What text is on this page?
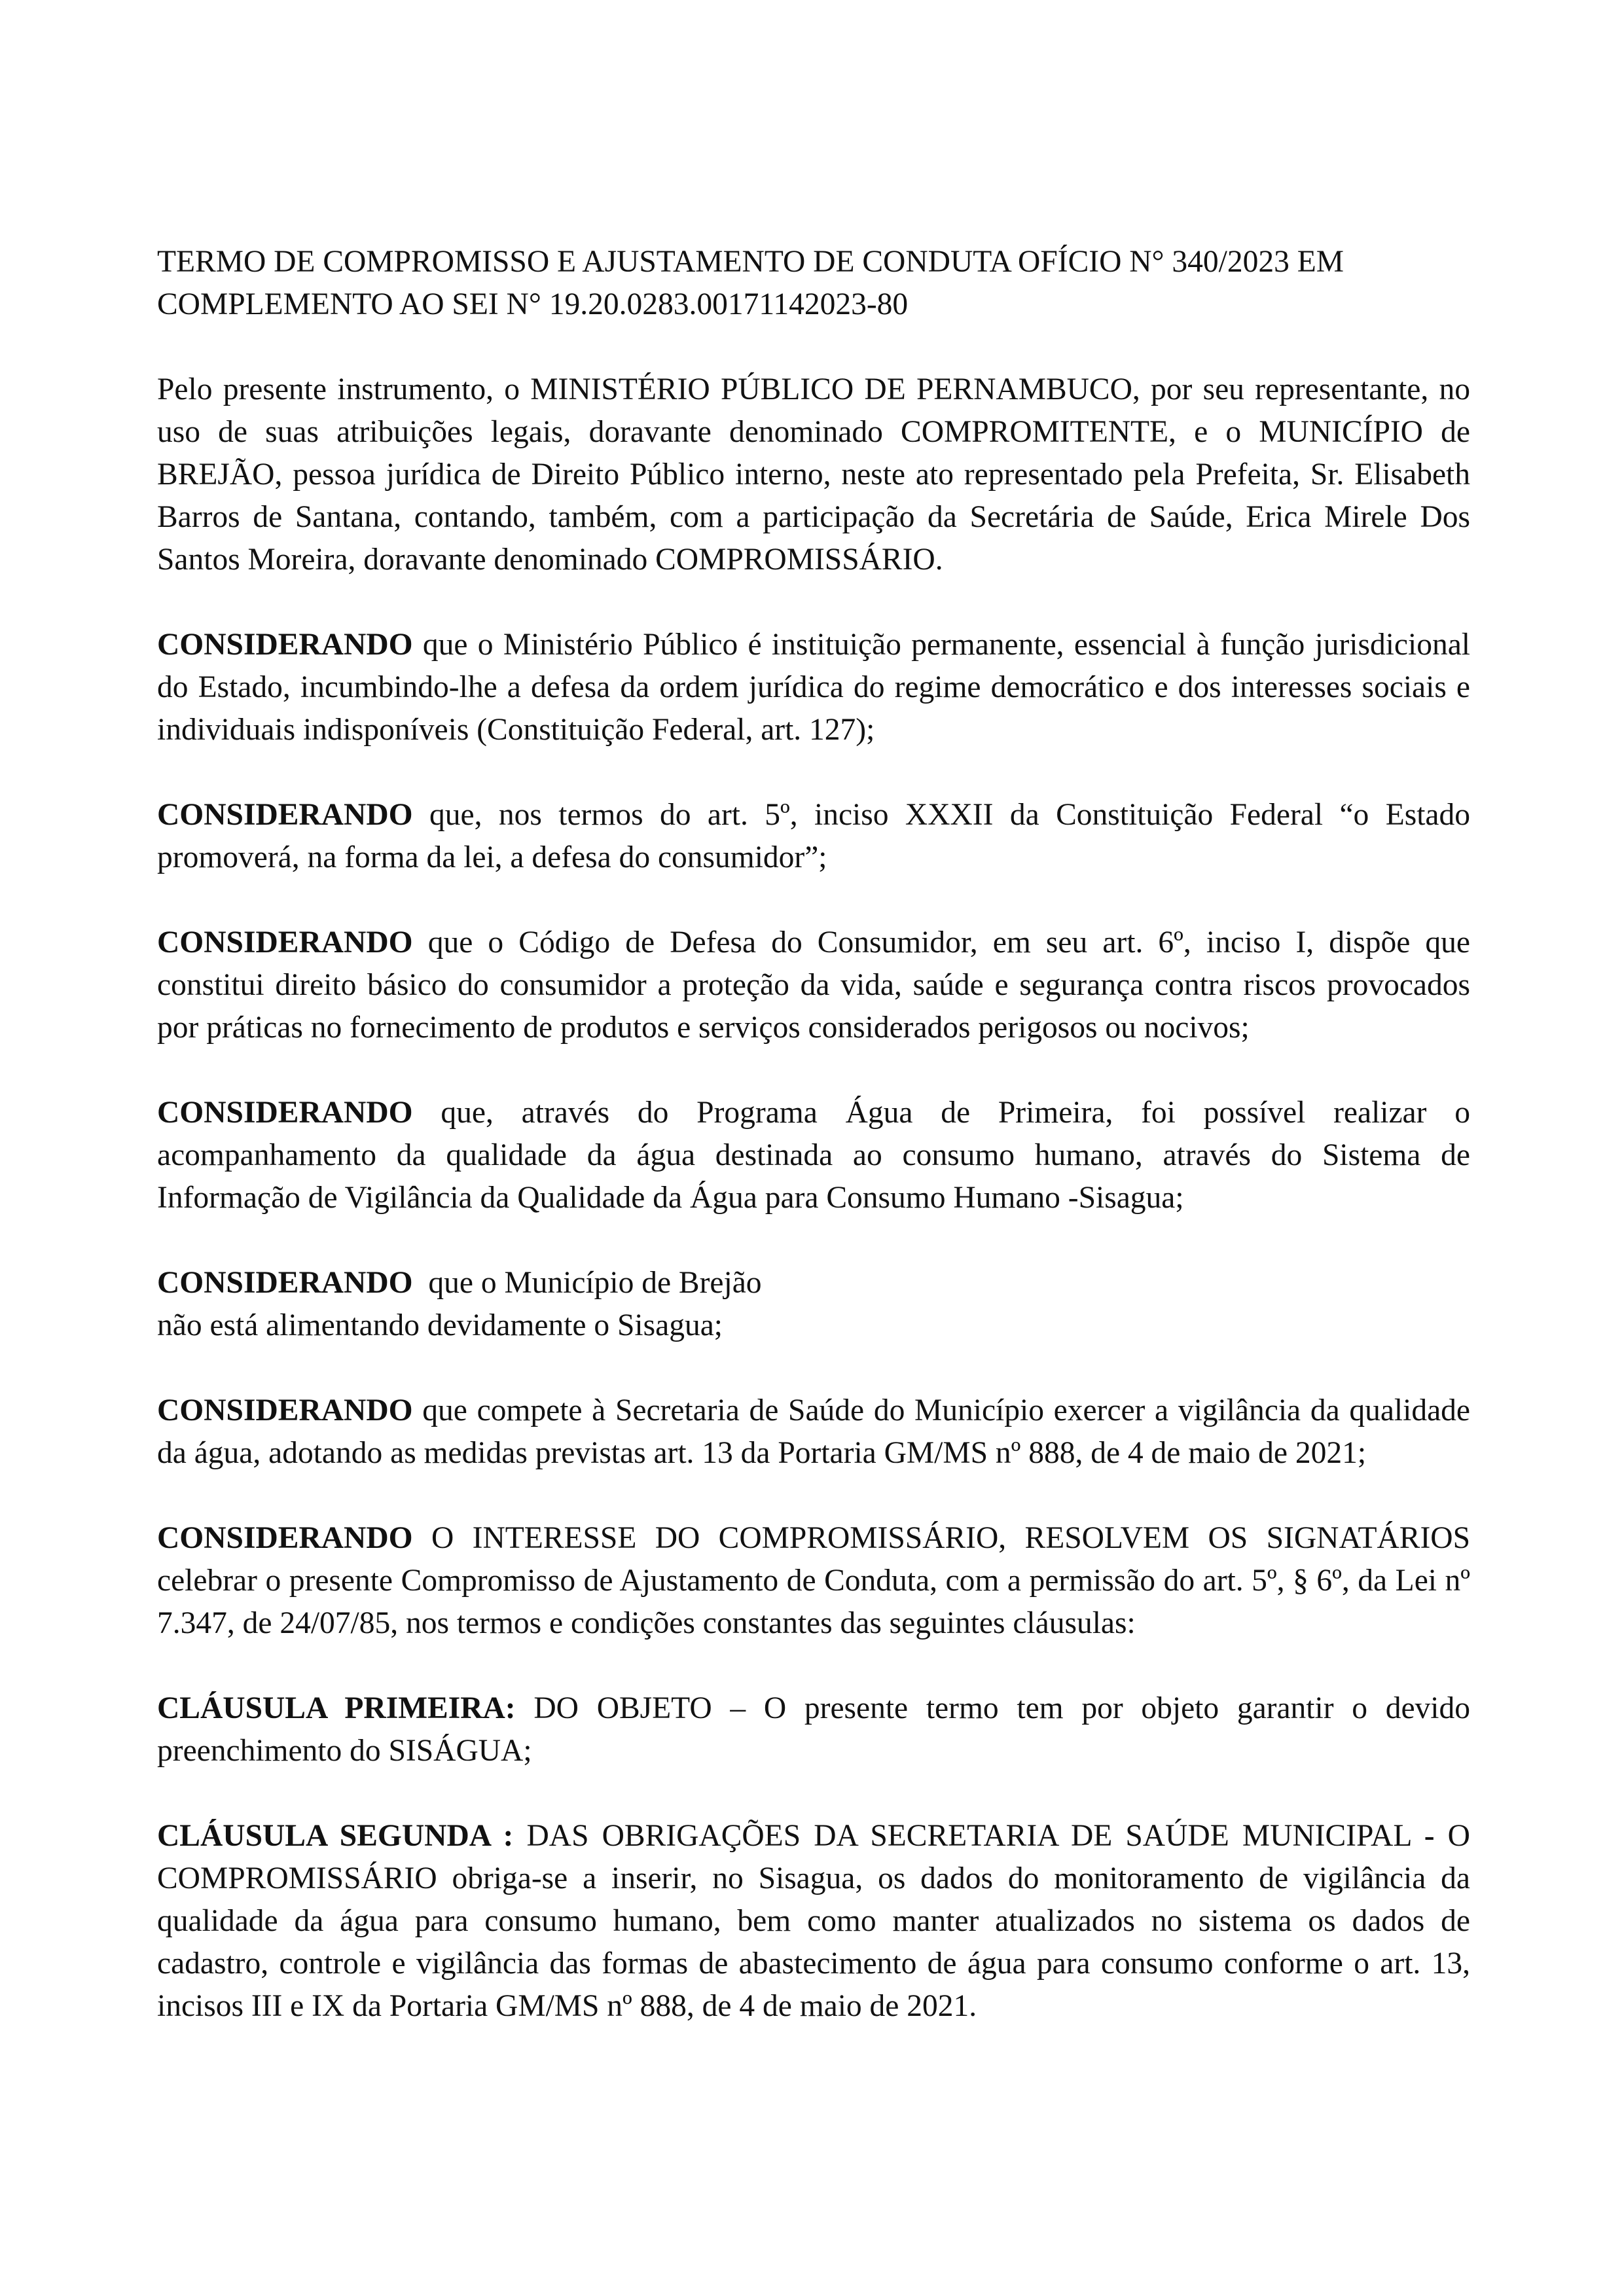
TERMO DE COMPROMISSO E AJUSTAMENTO DE CONDUTA OFÍCIO N° 340/2023 EM
COMPLEMENTO AO SEI N° 19.20.0283.00171142023-80

Pelo presente instrumento, o MINISTÉRIO PÚBLICO DE PERNAMBUCO, por seu representante, no uso de suas atribuições legais, doravante denominado COMPROMITENTE, e o MUNICÍPIO de BREJÃO, pessoa jurídica de Direito Público interno, neste ato representado pela Prefeita, Sr. Elisabeth Barros de Santana, contando, também, com a participação da Secretária de Saúde, Erica Mirele Dos Santos Moreira, doravante denominado COMPROMISSÁRIO.

CONSIDERANDO que o Ministério Público é instituição permanente, essencial à função jurisdicional do Estado, incumbindo-lhe a defesa da ordem jurídica do regime democrático e dos interesses sociais e individuais indisponíveis (Constituição Federal, art. 127);

CONSIDERANDO que, nos termos do art. 5º, inciso XXXII da Constituição Federal “o Estado promoverá, na forma da lei, a defesa do consumidor”;

CONSIDERANDO que o Código de Defesa do Consumidor, em seu art. 6º, inciso I, dispõe que constitui direito básico do consumidor a proteção da vida, saúde e segurança contra riscos provocados por práticas no fornecimento de produtos e serviços considerados perigosos ou nocivos;

CONSIDERANDO que, através do Programa Água de Primeira, foi possível realizar o acompanhamento da qualidade da água destinada ao consumo humano, através do Sistema de Informação de Vigilância da Qualidade da Água para Consumo Humano -Sisagua;

CONSIDERANDO  que o Município de Brejão
não está alimentando devidamente o Sisagua;

CONSIDERANDO que compete à Secretaria de Saúde do Município exercer a vigilância da qualidade da água, adotando as medidas previstas art. 13 da Portaria GM/MS nº 888, de 4 de maio de 2021;

CONSIDERANDO O INTERESSE DO COMPROMISSÁRIO, RESOLVEM OS SIGNATÁRIOS celebrar o presente Compromisso de Ajustamento de Conduta, com a permissão do art. 5º, § 6º, da Lei nº 7.347, de 24/07/85, nos termos e condições constantes das seguintes cláusulas:

CLÁUSULA PRIMEIRA: DO OBJETO – O presente termo tem por objeto garantir o devido preenchimento do SISÁGUA;

CLÁUSULA SEGUNDA : DAS OBRIGAÇÕES DA SECRETARIA DE SAÚDE MUNICIPAL - O COMPROMISSÁRIO obriga-se a inserir, no Sisagua, os dados do monitoramento de vigilância da qualidade da água para consumo humano, bem como manter atualizados no sistema os dados de cadastro, controle e vigilância das formas de abastecimento de água para consumo conforme o art. 13, incisos III e IX da Portaria GM/MS nº 888, de 4 de maio de 2021.
